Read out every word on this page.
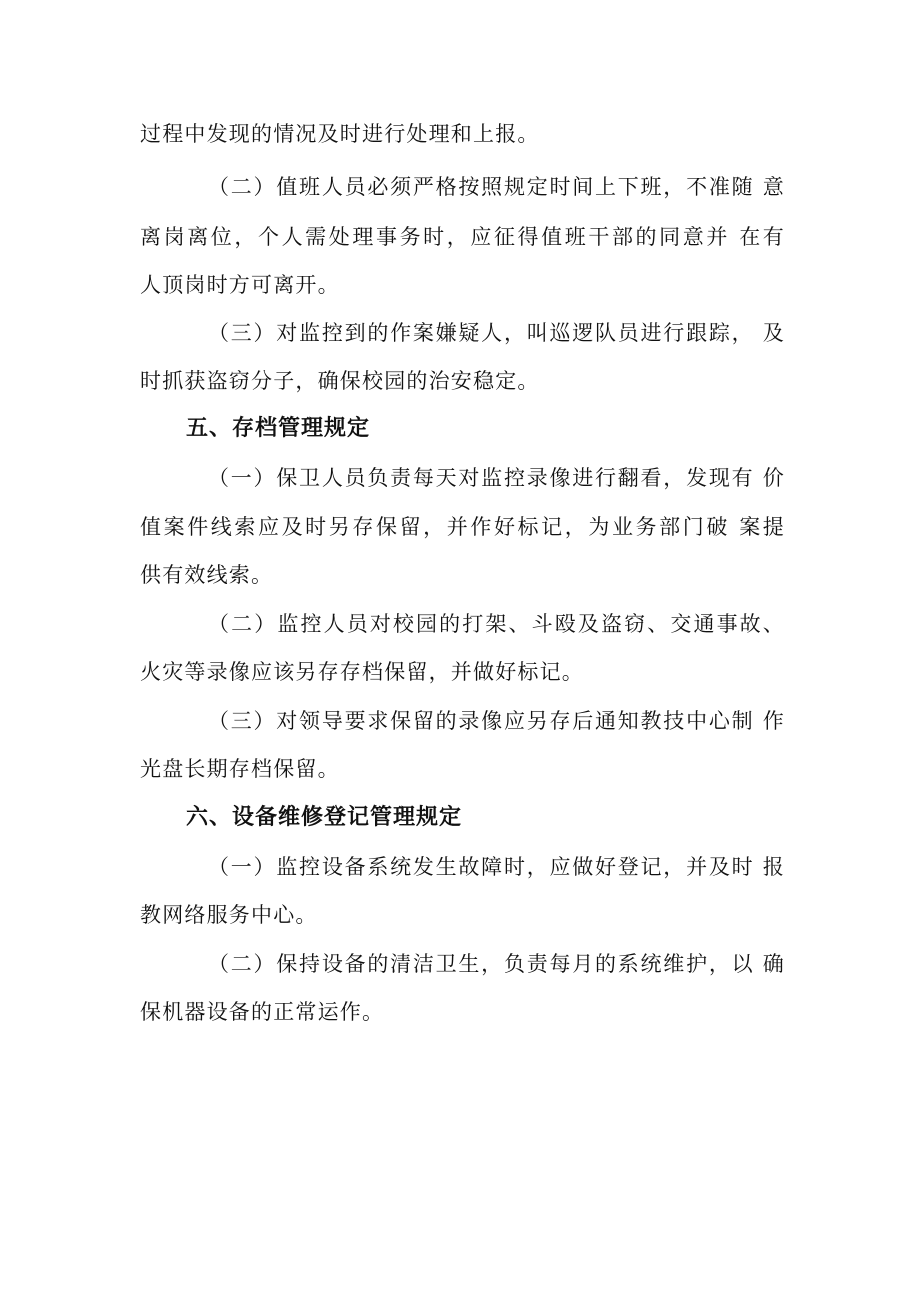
过程中发现的情况及时进行处理和上报。
（二）值班人员必须严格按照规定时间上下班，不准随 意
离岗离位，个人需处理事务时，应征得值班干部的同意并 在有
人顶岗时方可离开。
（三）对监控到的作案嫌疑人，叫巡逻队员进行跟踪， 及
时抓获盗窃分子，确保校园的治安稳定。
五、存档管理规定
（一）保卫人员负责每天对监控录像进行翻看，发现有 价
值案件线索应及时另存保留，并作好标记，为业务部门破 案提
供有效线索。
（二）监控人员对校园的打架、斗殴及盗窃、交通事故、
火灾等录像应该另存存档保留，并做好标记。
（三）对领导要求保留的录像应另存后通知教技中心制 作
光盘长期存档保留。
六、设备维修登记管理规定
（一）监控设备系统发生故障时，应做好登记，并及时 报
教网络服务中心。
（二）保持设备的清洁卫生，负责每月的系统维护，以 确
保机器设备的正常运作。
